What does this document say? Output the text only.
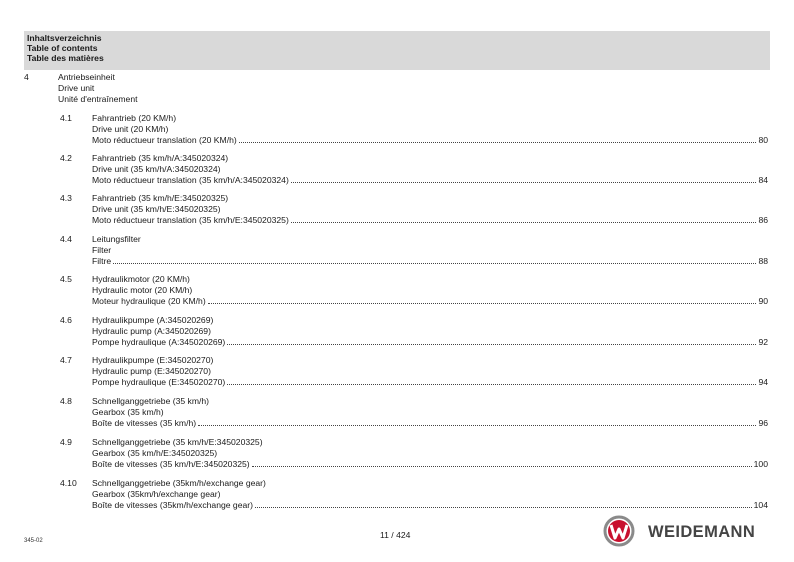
Inhaltsverzeichnis
Table of contents
Table des matières
4	Antriebseinheit
Drive unit
Unité d'entraînement
4.1 Fahrantrieb (20 KM/h)
Drive unit (20 KM/h)
Moto réductueur translation (20 KM/h)	80
4.2 Fahrantrieb (35 km/h/A:345020324)
Drive unit (35 km/h/A:345020324)
Moto réductueur translation (35 km/h/A:345020324)	84
4.3 Fahrantrieb (35 km/h/E:345020325)
Drive unit (35 km/h/E:345020325)
Moto réductueur translation (35 km/h/E:345020325)	86
4.4 Leitungsfilter
Filter
Filtre	88
4.5 Hydraulikmotor (20 KM/h)
Hydraulic motor (20 KM/h)
Moteur hydraulique (20 KM/h)	90
4.6 Hydraulikpumpe (A:345020269)
Hydraulic pump (A:345020269)
Pompe hydraulique (A:345020269)	92
4.7 Hydraulikpumpe (E:345020270)
Hydraulic pump (E:345020270)
Pompe hydraulique (E:345020270)	94
4.8 Schnellganggetriebe (35 km/h)
Gearbox (35 km/h)
Boîte de vitesses (35 km/h)	96
4.9 Schnellganggetriebe (35 km/h/E:345020325)
Gearbox (35 km/h/E:345020325)
Boîte de vitesses (35 km/h/E:345020325)	100
4.10 Schnellganggetriebe (35km/h/exchange gear)
Gearbox (35km/h/exchange gear)
Boîte de vitesses (35km/h/exchange gear)	104
345-02
11 / 424	WEIDEMANN
